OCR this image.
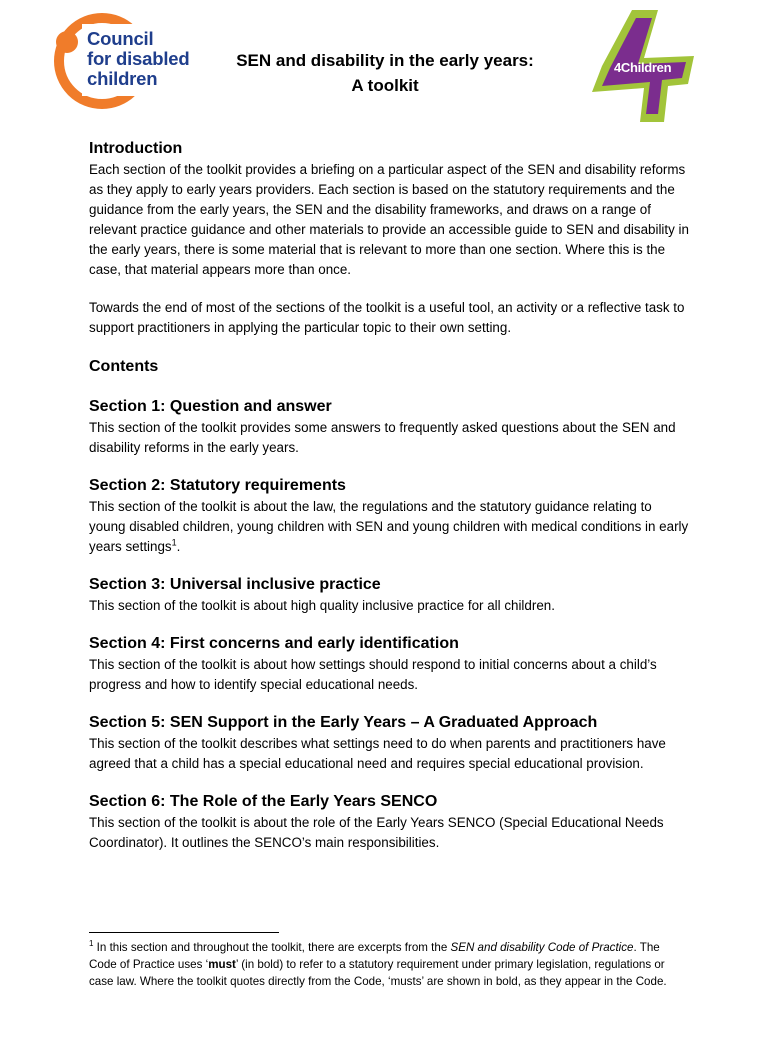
Council
for disabled
children
SEN and disability in the early years:
A toolkit
4Children
Introduction

Each section of the toolkit provides a briefing on a particular aspect of the SEN and disability reforms as they apply to early years providers. Each section is based on the statutory requirements and the guidance from the early years, the SEN and the disability frameworks, and draws on a range of relevant practice guidance and other materials to provide an accessible guide to SEN and disability in the early years, there is some material that is relevant to more than one section. Where this is the case, that material appears more than once.

Towards the end of most of the sections of the toolkit is a useful tool, an activity or a reflective task to support practitioners in applying the particular topic to their own setting.

Contents
Section 1: Question and answer

This section of the toolkit provides some answers to frequently asked questions about the SEN and disability reforms in the early years.

Section 2: Statutory requirements

This section of the toolkit is about the law, the regulations and the statutory guidance relating to young disabled children, young children with SEN and young children with medical conditions in early years settings$^1$.

Section 3: Universal inclusive practice

This section of the toolkit is about high quality inclusive practice for all children.

Section 4: First concerns and early identification

This section of the toolkit is about how settings should respond to initial concerns about a child’s progress and how to identify special educational needs.

Section 5: SEN Support in the Early Years – A Graduated Approach

This section of the toolkit describes what settings need to do when parents and practitioners have agreed that a child has a special educational need and requires special educational provision.

Section 6: The Role of the Early Years SENCO

This section of the toolkit is about the role of the Early Years SENCO (Special Educational Needs Coordinator). It outlines the SENCO’s main responsibilities.

$^1$ In this section and throughout the toolkit, there are excerpts from the SEN and disability Code of Practice. The Code of Practice uses ‘must’ (in bold) to refer to a statutory requirement under primary legislation, regulations or case law. Where the toolkit quotes directly from the Code, ‘musts’ are shown in bold, as they appear in the Code.
